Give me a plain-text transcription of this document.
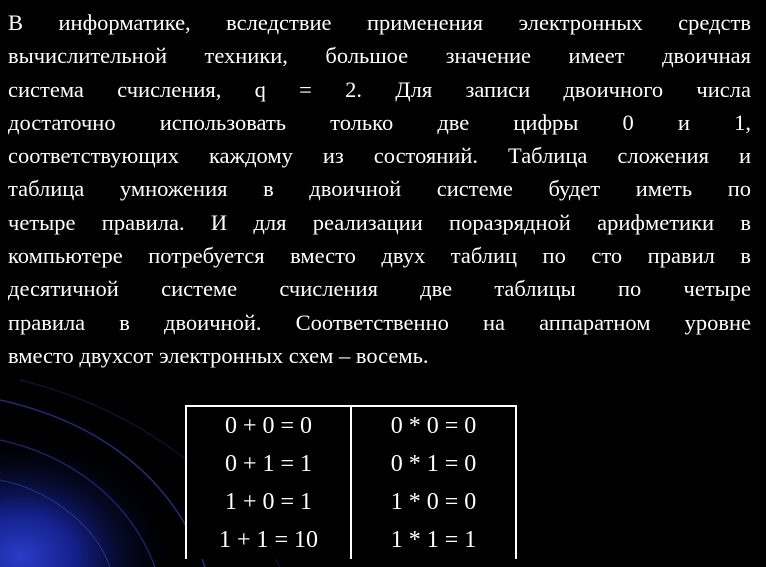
В информатике, вследствие применения электронных средств
вычислительной техники, большое значение имеет двоичная
система счисления, q = 2. Для записи двоичного числа
достаточно использовать только две цифры 0 и 1,
соответствующих каждому из состояний. Таблица сложения и
таблица умножения в двоичной системе будет иметь по
четыре правила. И для реализации поразрядной арифметики в
компьютере потребуется вместо двух таблиц по сто правил в
десятичной системе счисления две таблицы по четыре
правила в двоичной. Соответственно на аппаратном уровне
вместо двухсот электронных схем – восемь.
0 + 0 = 0	0 * 0 = 0
0 + 1 = 1	0 * 1 = 0
1 + 0 = 1	1 * 0 = 0
1 + 1 = 10	1 * 1 = 1
